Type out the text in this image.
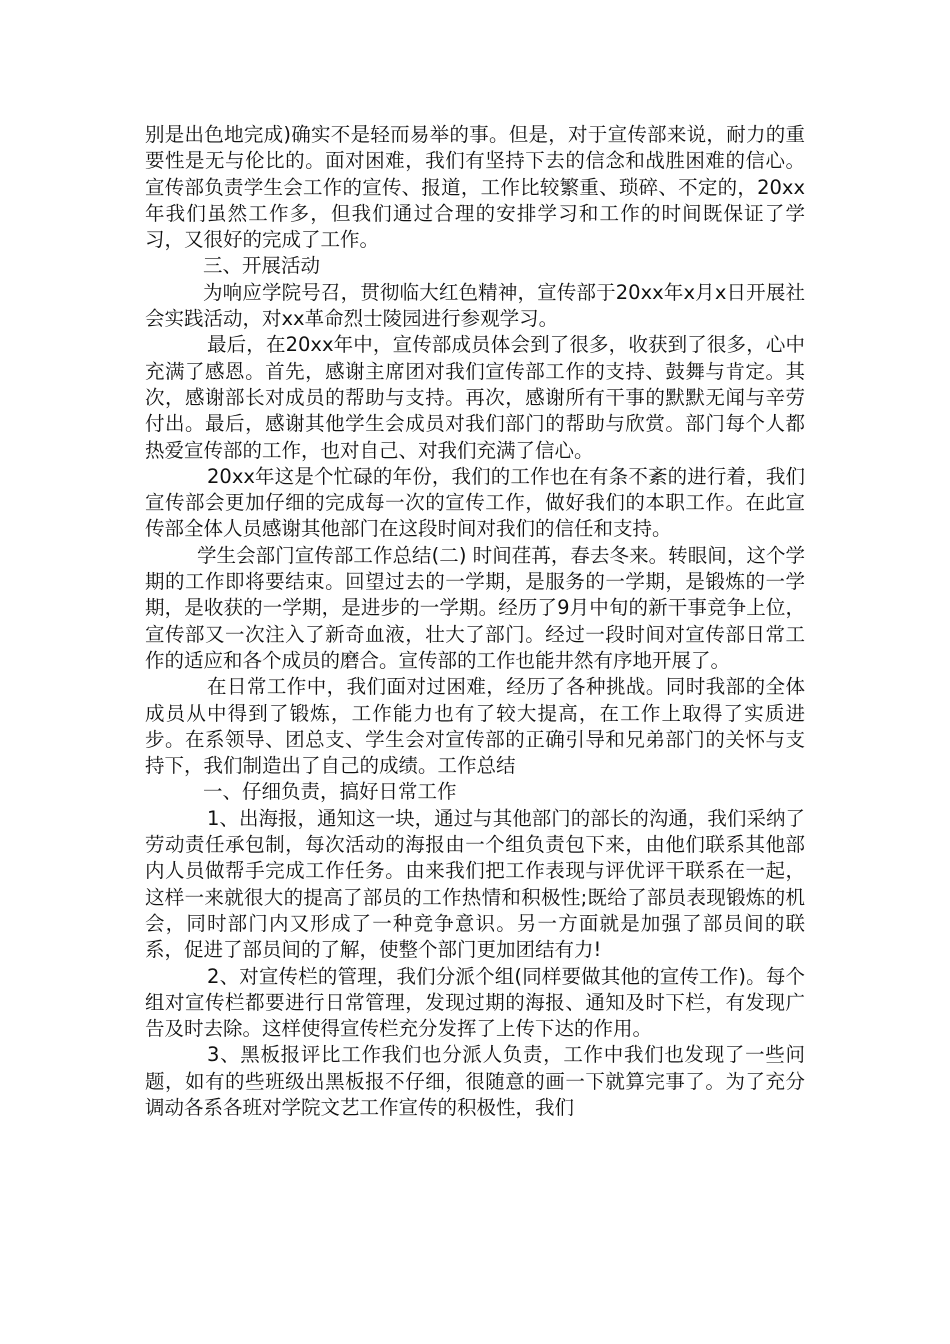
别是出色地完成)确实不是轻而易举的事。但是，对于宣传部来说，耐力的重要性是无与伦比的。面对困难，我们有坚持下去的信念和战胜困难的信心。宣传部负责学生会工作的宣传、报道，工作比较繁重、琐碎、不定的，20xx年我们虽然工作多，但我们通过合理的安排学习和工作的时间既保证了学习，又很好的完成了工作。

三、开展活动

为响应学院号召，贯彻临大红色精神，宣传部于20xx年x月x日开展社会实践活动，对xx革命烈士陵园进行参观学习。

最后，在20xx年中，宣传部成员体会到了很多，收获到了很多，心中充满了感恩。首先，感谢主席团对我们宣传部工作的支持、鼓舞与肯定。其次，感谢部长对成员的帮助与支持。再次，感谢所有干事的默默无闻与辛劳付出。最后，感谢其他学生会成员对我们部门的帮助与欣赏。部门每个人都热爱宣传部的工作，也对自己、对我们充满了信心。

20xx年这是个忙碌的年份，我们的工作也在有条不紊的进行着，我们宣传部会更加仔细的完成每一次的宣传工作，做好我们的本职工作。在此宣传部全体人员感谢其他部门在这段时间对我们的信任和支持。

学生会部门宣传部工作总结(二) 时间荏苒，春去冬来。转眼间，这个学期的工作即将要结束。回望过去的一学期，是服务的一学期，是锻炼的一学期，是收获的一学期，是进步的一学期。经历了9月中旬的新干事竞争上位，宣传部又一次注入了新奇血液，壮大了部门。经过一段时间对宣传部日常工作的适应和各个成员的磨合。宣传部的工作也能井然有序地开展了。

在日常工作中，我们面对过困难，经历了各种挑战。同时我部的全体成员从中得到了锻炼，工作能力也有了较大提高，在工作上取得了实质进步。在系领导、团总支、学生会对宣传部的正确引导和兄弟部门的关怀与支持下，我们制造出了自己的成绩。工作总结

一、仔细负责，搞好日常工作

1、出海报，通知这一块，通过与其他部门的部长的沟通，我们采纳了劳动责任承包制，每次活动的海报由一个组负责包下来，由他们联系其他部内人员做帮手完成工作任务。由来我们把工作表现与评优评干联系在一起，这样一来就很大的提高了部员的工作热情和积极性;既给了部员表现锻炼的机会，同时部门内又形成了一种竞争意识。另一方面就是加强了部员间的联系，促进了部员间的了解，使整个部门更加团结有力!

2、对宣传栏的管理，我们分派个组(同样要做其他的宣传工作)。每个组对宣传栏都要进行日常管理，发现过期的海报、通知及时下栏，有发现广告及时去除。这样使得宣传栏充分发挥了上传下达的作用。

3、黑板报评比工作我们也分派人负责，工作中我们也发现了一些问题，如有的些班级出黑板报不仔细，很随意的画一下就算完事了。为了充分调动各系各班对学院文艺工作宣传的积极性，我们
